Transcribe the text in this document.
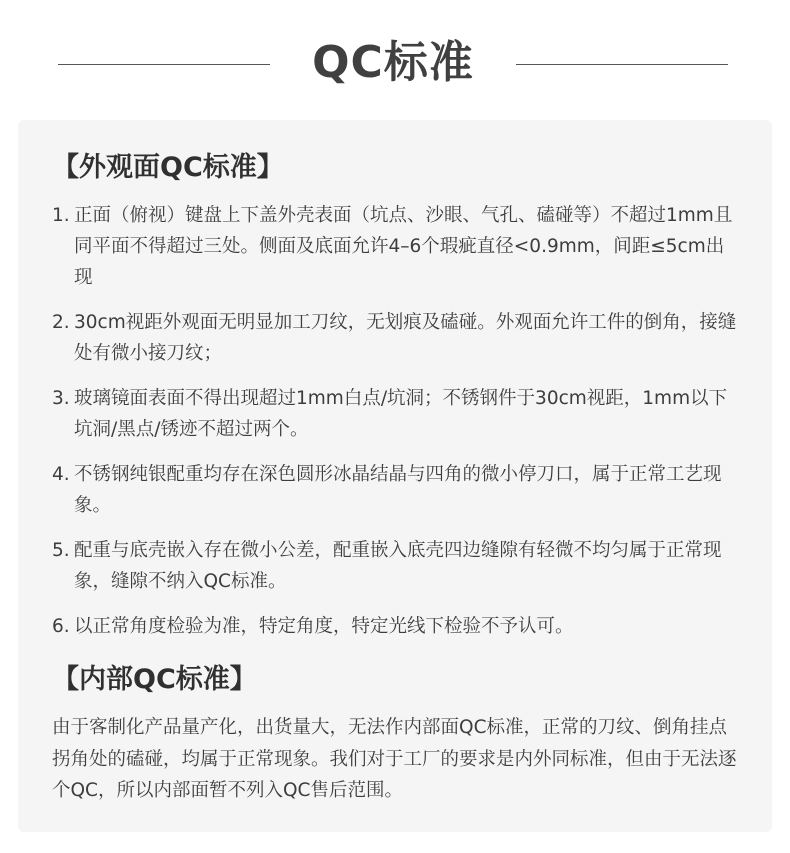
QC标准
【外观面QC标准】
1. 正面（俯视）键盘上下盖外壳表面（坑点、沙眼、气孔、磕碰等）不超过1mm且同平面不得超过三处。侧面及底面允许4–6个瑕疵直径<0.9mm，间距≤5cm出现
2. 30cm视距外观面无明显加工刀纹，无划痕及磕碰。外观面允许工件的倒角，接缝处有微小接刀纹；
3. 玻璃镜面表面不得出现超过1mm白点/坑洞；不锈钢件于30cm视距，1mm以下坑洞/黑点/锈迹不超过两个。
4. 不锈钢纯银配重均存在深色圆形冰晶结晶与四角的微小停刀口，属于正常工艺现象。
5. 配重与底壳嵌入存在微小公差，配重嵌入底壳四边缝隙有轻微不均匀属于正常现象，缝隙不纳入QC标准。
6. 以正常角度检验为准，特定角度，特定光线下检验不予认可。
【内部QC标准】

由于客制化产品量产化，出货量大，无法作内部面QC标准，正常的刀纹、倒角挂点拐角处的磕碰，均属于正常现象。我们对于工厂的要求是内外同标准，但由于无法逐个QC，所以内部面暂不列入QC售后范围。
